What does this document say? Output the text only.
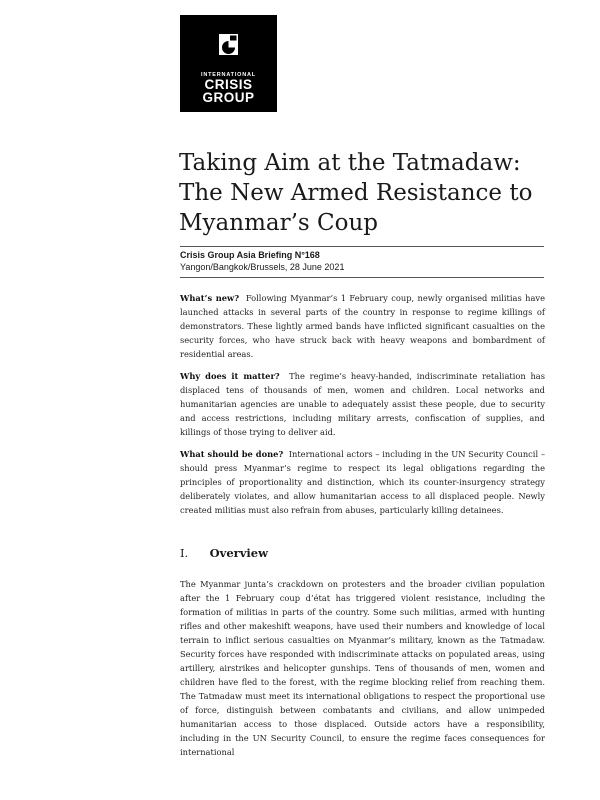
INTERNATIONAL
CRISIS
GROUP
Taking Aim at the Tatmadaw:
The New Armed Resistance to
Myanmar’s Coup
Crisis Group Asia Briefing N°168
Yangon/Bangkok/Brussels, 28 June 2021

What’s new? Following Myanmar’s 1 February coup, newly organised militias have launched attacks in several parts of the country in response to regime killings of demonstrators. These lightly armed bands have inflicted significant casualties on the security forces, who have struck back with heavy weapons and bombardment of residential areas.

Why does it matter? The regime’s heavy-handed, indiscriminate retaliation has displaced tens of thousands of men, women and children. Local networks and humanitarian agencies are unable to adequately assist these people, due to security and access restrictions, including military arrests, confiscation of supplies, and killings of those trying to deliver aid.

What should be done? International actors – including in the UN Security Council – should press Myanmar’s regime to respect its legal obligations regarding the principles of proportionality and distinction, which its counter-insurgency strategy deliberately violates, and allow humanitarian access to all displaced people. Newly created militias must also refrain from abuses, particularly killing detainees.

I. Overview

The Myanmar junta’s crackdown on protesters and the broader civilian population after the 1 February coup d’état has triggered violent resistance, including the formation of militias in parts of the country. Some such militias, armed with hunting rifles and other makeshift weapons, have used their numbers and knowledge of local terrain to inflict serious casualties on Myanmar’s military, known as the Tatmadaw. Security forces have responded with indiscriminate attacks on populated areas, using artillery, airstrikes and helicopter gunships. Tens of thousands of men, women and children have fled to the forest, with the regime blocking relief from reaching them. The Tatmadaw must meet its international obligations to respect the proportional use of force, distinguish between combatants and civilians, and allow unimpeded humanitarian access to those displaced. Outside actors have a responsibility, including in the UN Security Council, to ensure the regime faces consequences for international
